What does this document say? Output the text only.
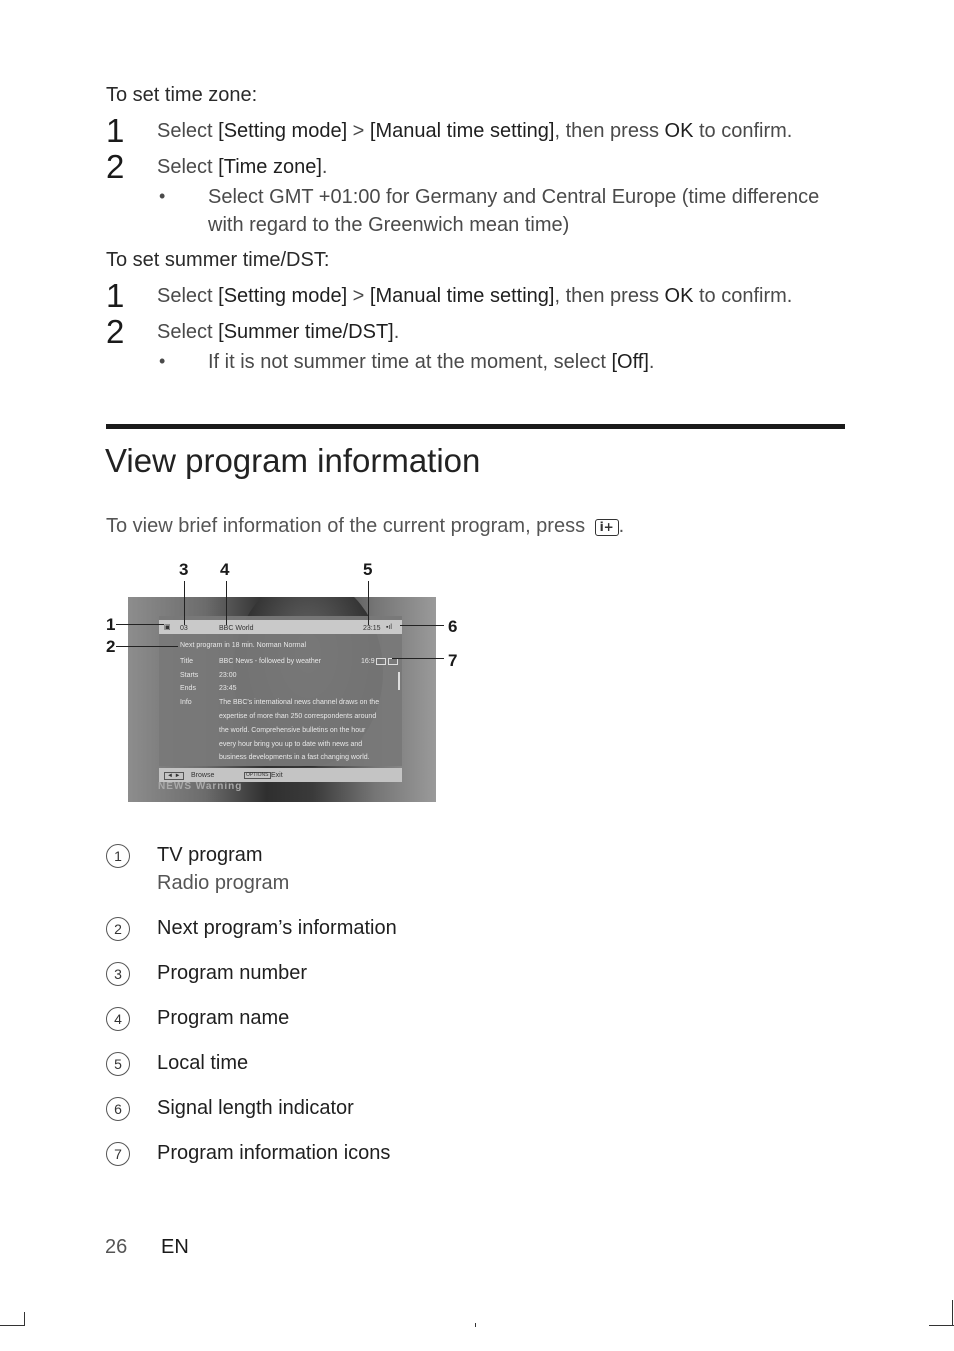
To set time zone:
1 Select [Setting mode] > [Manual time setting], then press OK to confirm.
2 Select [Time zone].
• Select GMT +01:00 for Germany and Central Europe (time difference
with regard to the Greenwich mean time)
To set summer time/DST:
1 Select [Setting mode] > [Manual time setting], then press OK to confirm.
2 Select [Summer time/DST].
• If it is not summer time at the moment, select [Off].
View program information
To view brief information of the current program, press i+ .
3 4	5
1
2
6
7
▣ 03	BBC World	23:15 ▪ıl
Next program in 18 min. Norman Normal
Title	BBC News - followed by weather	16:9
Starts	23:00
Ends	23:45
Info	The BBC's international news channel draws on the
expertise of more than 250 correspondents around
the world. Comprehensive bulletins on the hour
every hour bring you up to date with news and
business developments in a fast changing world.
◄ ►	Browse	OPTIONS Exit
NEWS Warning
1	TV program
Radio program
2	Next program’s information
3	Program number
4	Program name
5	Local time
6	Signal length indicator
7	Program information icons
26 EN
